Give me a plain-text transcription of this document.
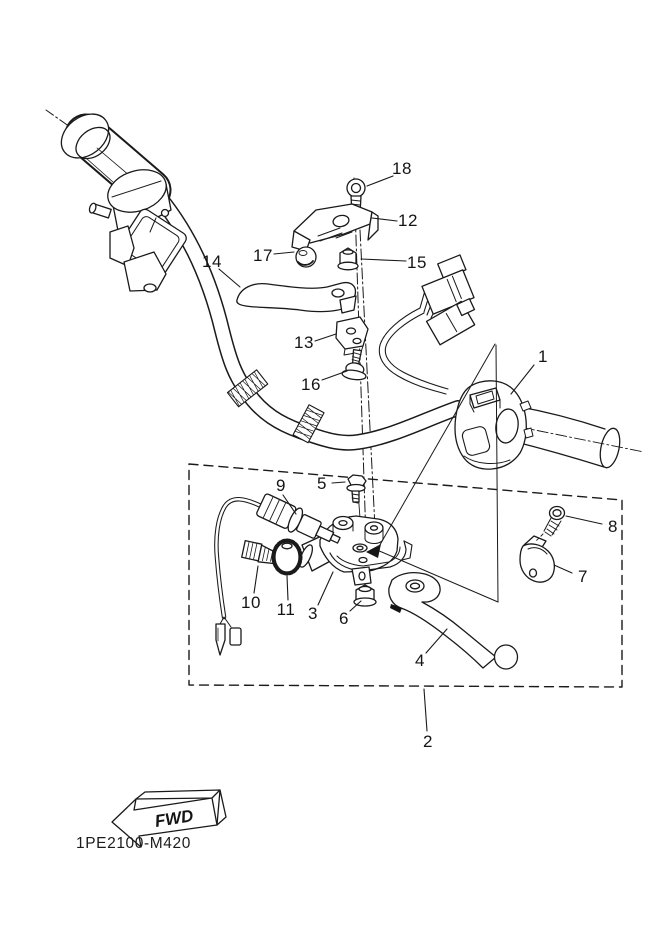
FWD
1PE2100-M420
1
2
3
4
5
6
7
8
9
10 11
12
13
14	15
16
17
18
